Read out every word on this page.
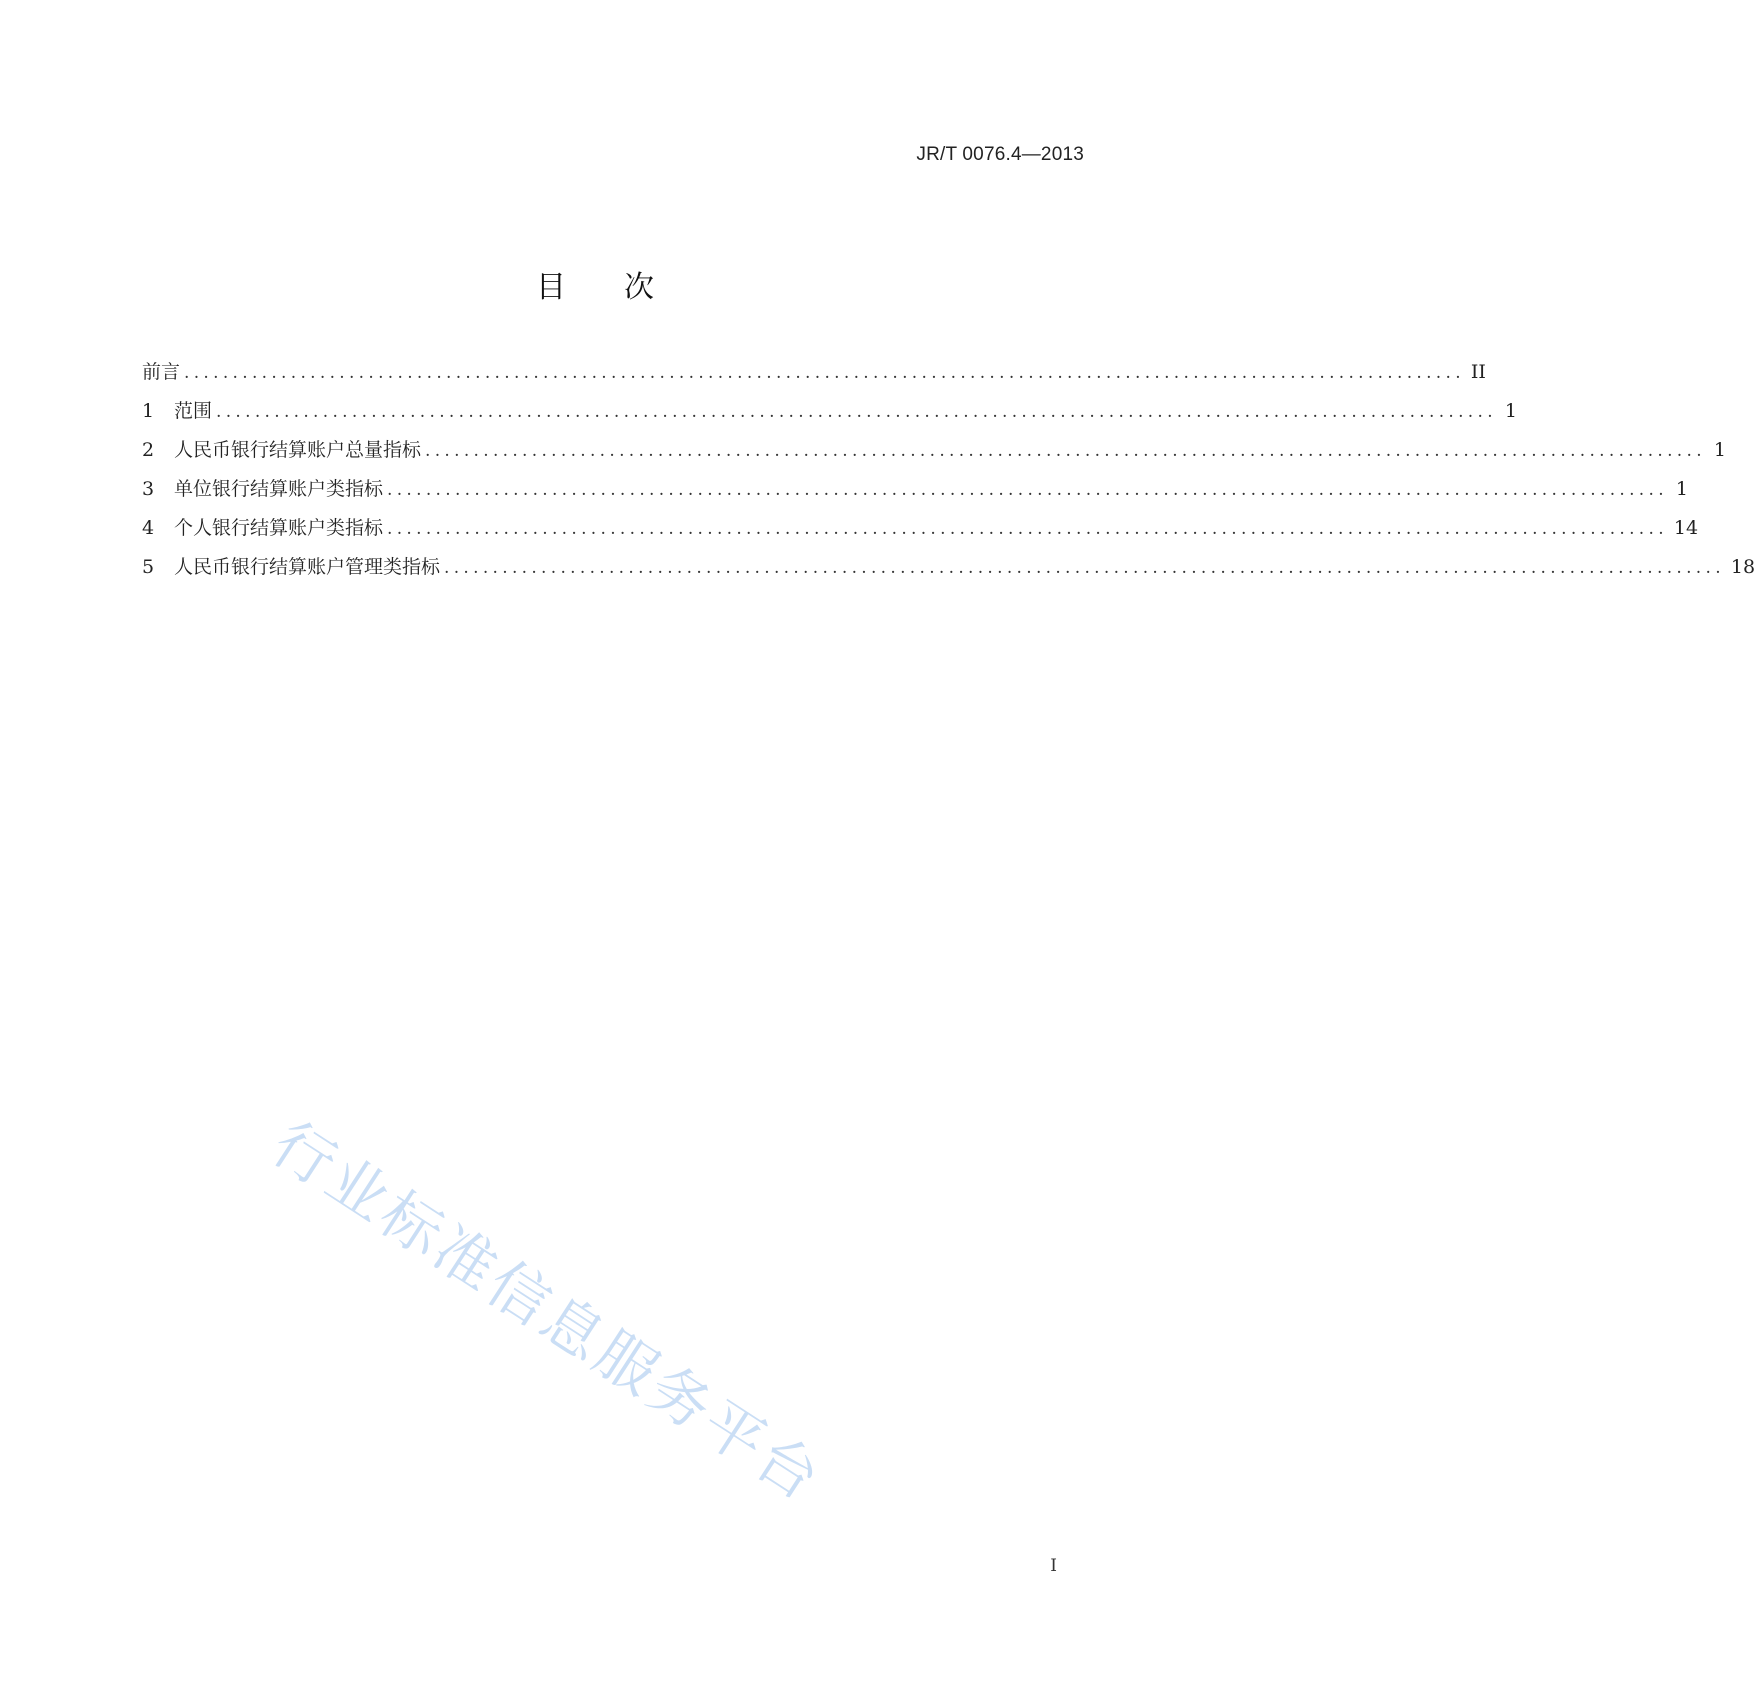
JR/T 0076.4—2013
目 次
前言 .................................................................................................................................... II
1	范围 .................................................................................................................................... 1
2	人民币银行结算账户总量指标 .................................................................................................................................... 1
3	单位银行结算账户类指标 .................................................................................................................................... 1
4	个人银行结算账户类指标 .................................................................................................................................... 14
5	人民币银行结算账户管理类指标 .................................................................................................................................... 18
行业标准信息服务平台
I
